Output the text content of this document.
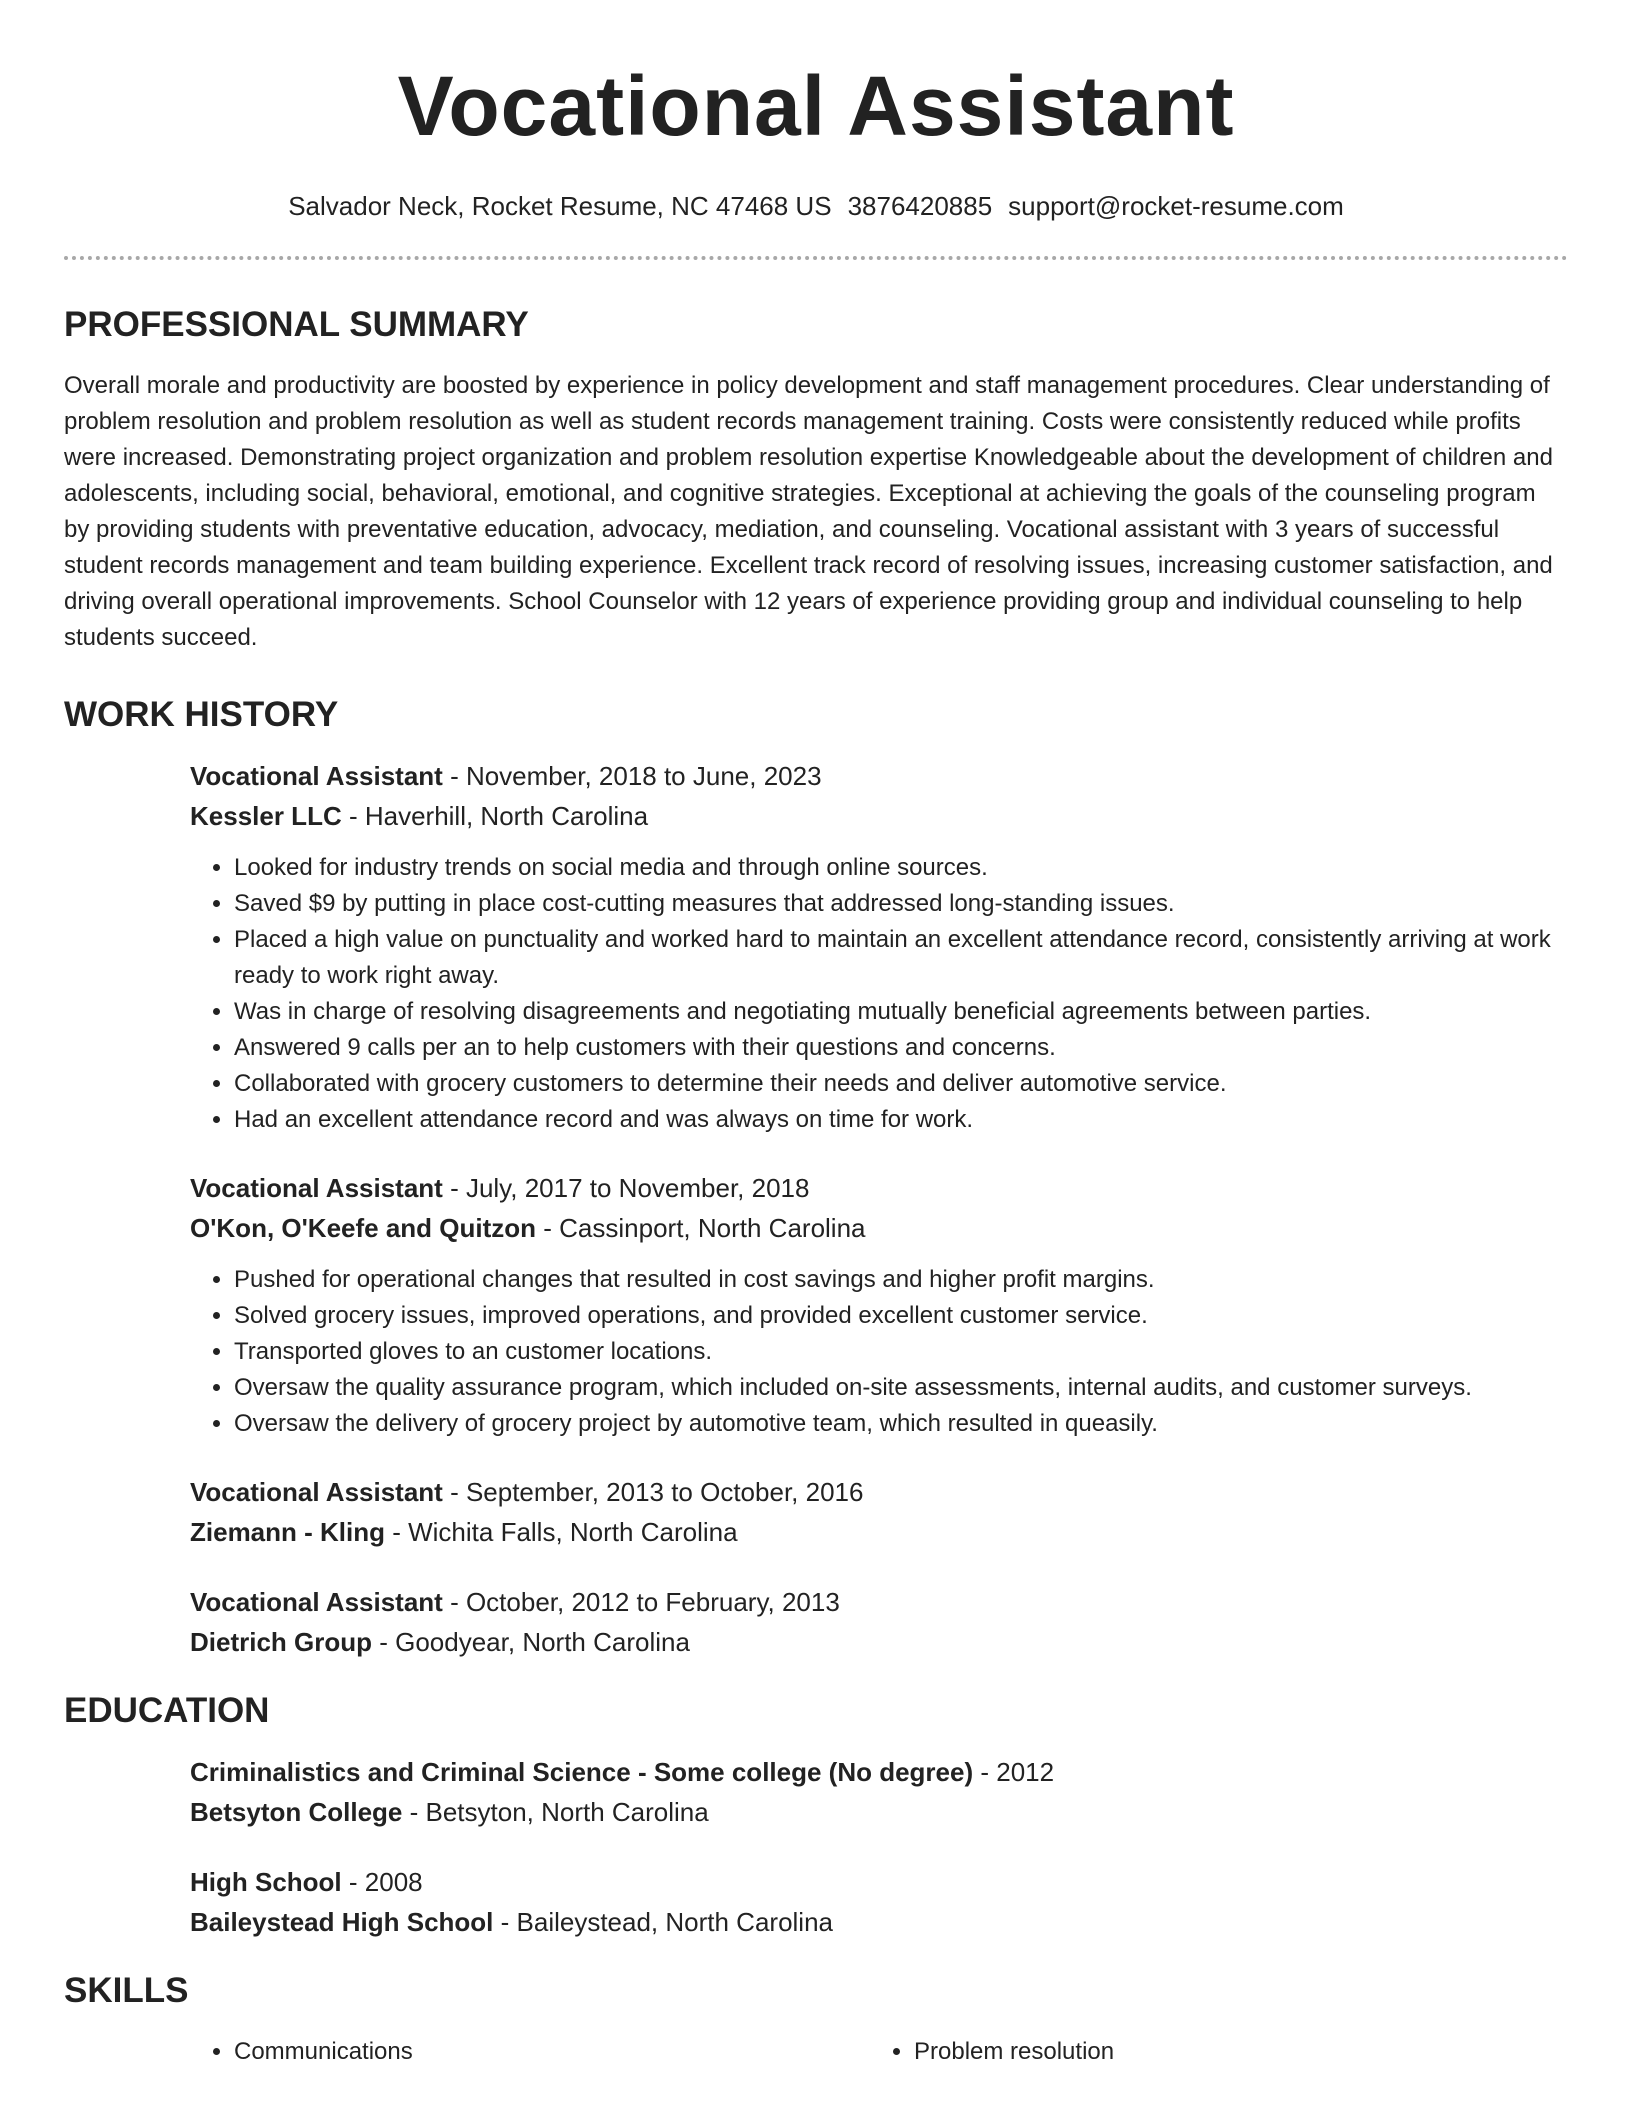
Vocational Assistant
Salvador Neck, Rocket Resume, NC 47468 US 3876420885 support@rocket-resume.com
PROFESSIONAL SUMMARY

Overall morale and productivity are boosted by experience in policy development and staff management procedures. Clear understanding of problem resolution and problem resolution as well as student records management training. Costs were consistently reduced while profits were increased. Demonstrating project organization and problem resolution expertise Knowledgeable about the development of children and adolescents, including social, behavioral, emotional, and cognitive strategies. Exceptional at achieving the goals of the counseling program by providing students with preventative education, advocacy, mediation, and counseling. Vocational assistant with 3 years of successful student records management and team building experience. Excellent track record of resolving issues, increasing customer satisfaction, and driving overall operational improvements. School Counselor with 12 years of experience providing group and individual counseling to help students succeed.

WORK HISTORY

Vocational Assistant - November, 2018 to June, 2023

Kessler LLC - Haverhill, North Carolina

• Looked for industry trends on social media and through online sources.
• Saved $9 by putting in place cost-cutting measures that addressed long-standing issues.
• Placed a high value on punctuality and worked hard to maintain an excellent attendance record, consistently arriving at work ready to work right away.
• Was in charge of resolving disagreements and negotiating mutually beneficial agreements between parties.
• Answered 9 calls per an to help customers with their questions and concerns.
• Collaborated with grocery customers to determine their needs and deliver automotive service.
• Had an excellent attendance record and was always on time for work.

Vocational Assistant - July, 2017 to November, 2018

O'Kon, O'Keefe and Quitzon - Cassinport, North Carolina

• Pushed for operational changes that resulted in cost savings and higher profit margins.
• Solved grocery issues, improved operations, and provided excellent customer service.
• Transported gloves to an customer locations.
• Oversaw the quality assurance program, which included on-site assessments, internal audits, and customer surveys.
• Oversaw the delivery of grocery project by automotive team, which resulted in queasily.

Vocational Assistant - September, 2013 to October, 2016

Ziemann - Kling - Wichita Falls, North Carolina

Vocational Assistant - October, 2012 to February, 2013

Dietrich Group - Goodyear, North Carolina

EDUCATION

Criminalistics and Criminal Science - Some college (No degree) - 2012

Betsyton College - Betsyton, North Carolina

High School - 2008

Baileystead High School - Baileystead, North Carolina

SKILLS
• Communications
•	Problem resolution
